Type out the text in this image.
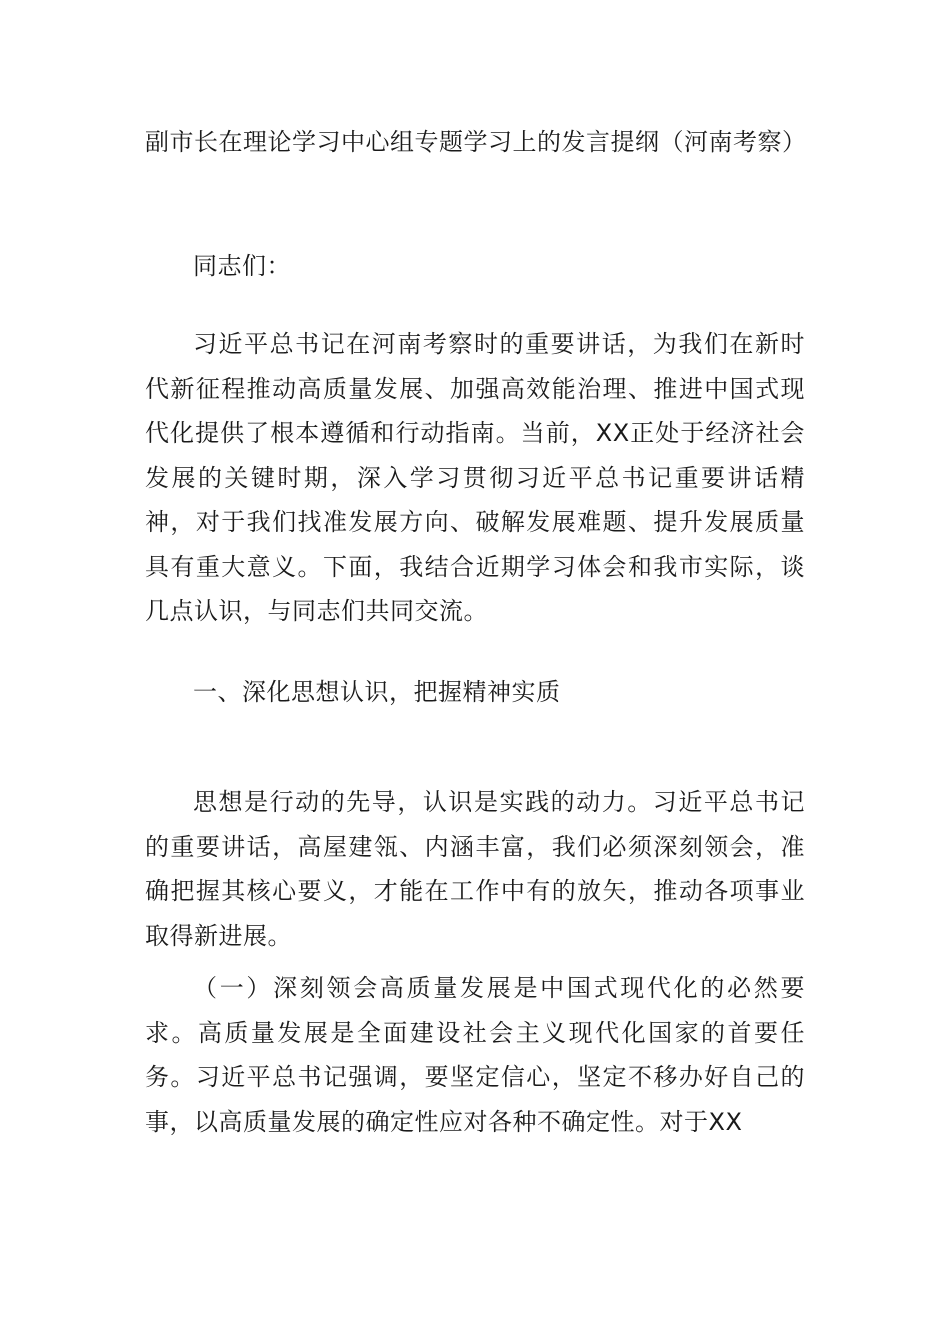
副市长在理论学习中心组专题学习上的发言提纲（河南考察）

同志们：

习近平总书记在河南考察时的重要讲话，为我们在新时代新征程推动高质量发展、加强高效能治理、推进中国式现代化提供了根本遵循和行动指南。当前，XX正处于经济社会发展的关键时期，深入学习贯彻习近平总书记重要讲话精神，对于我们找准发展方向、破解发展难题、提升发展质量具有重大意义。下面，我结合近期学习体会和我市实际，谈几点认识，与同志们共同交流。

一、深化思想认识，把握精神实质

思想是行动的先导，认识是实践的动力。习近平总书记的重要讲话，高屋建瓴、内涵丰富，我们必须深刻领会，准确把握其核心要义，才能在工作中有的放矢，推动各项事业取得新进展。

（一）深刻领会高质量发展是中国式现代化的必然要求。高质量发展是全面建设社会主义现代化国家的首要任务。习近平总书记强调，要坚定信心，坚定不移办好自己的事，以高质量发展的确定性应对各种不确定性。对于XX
